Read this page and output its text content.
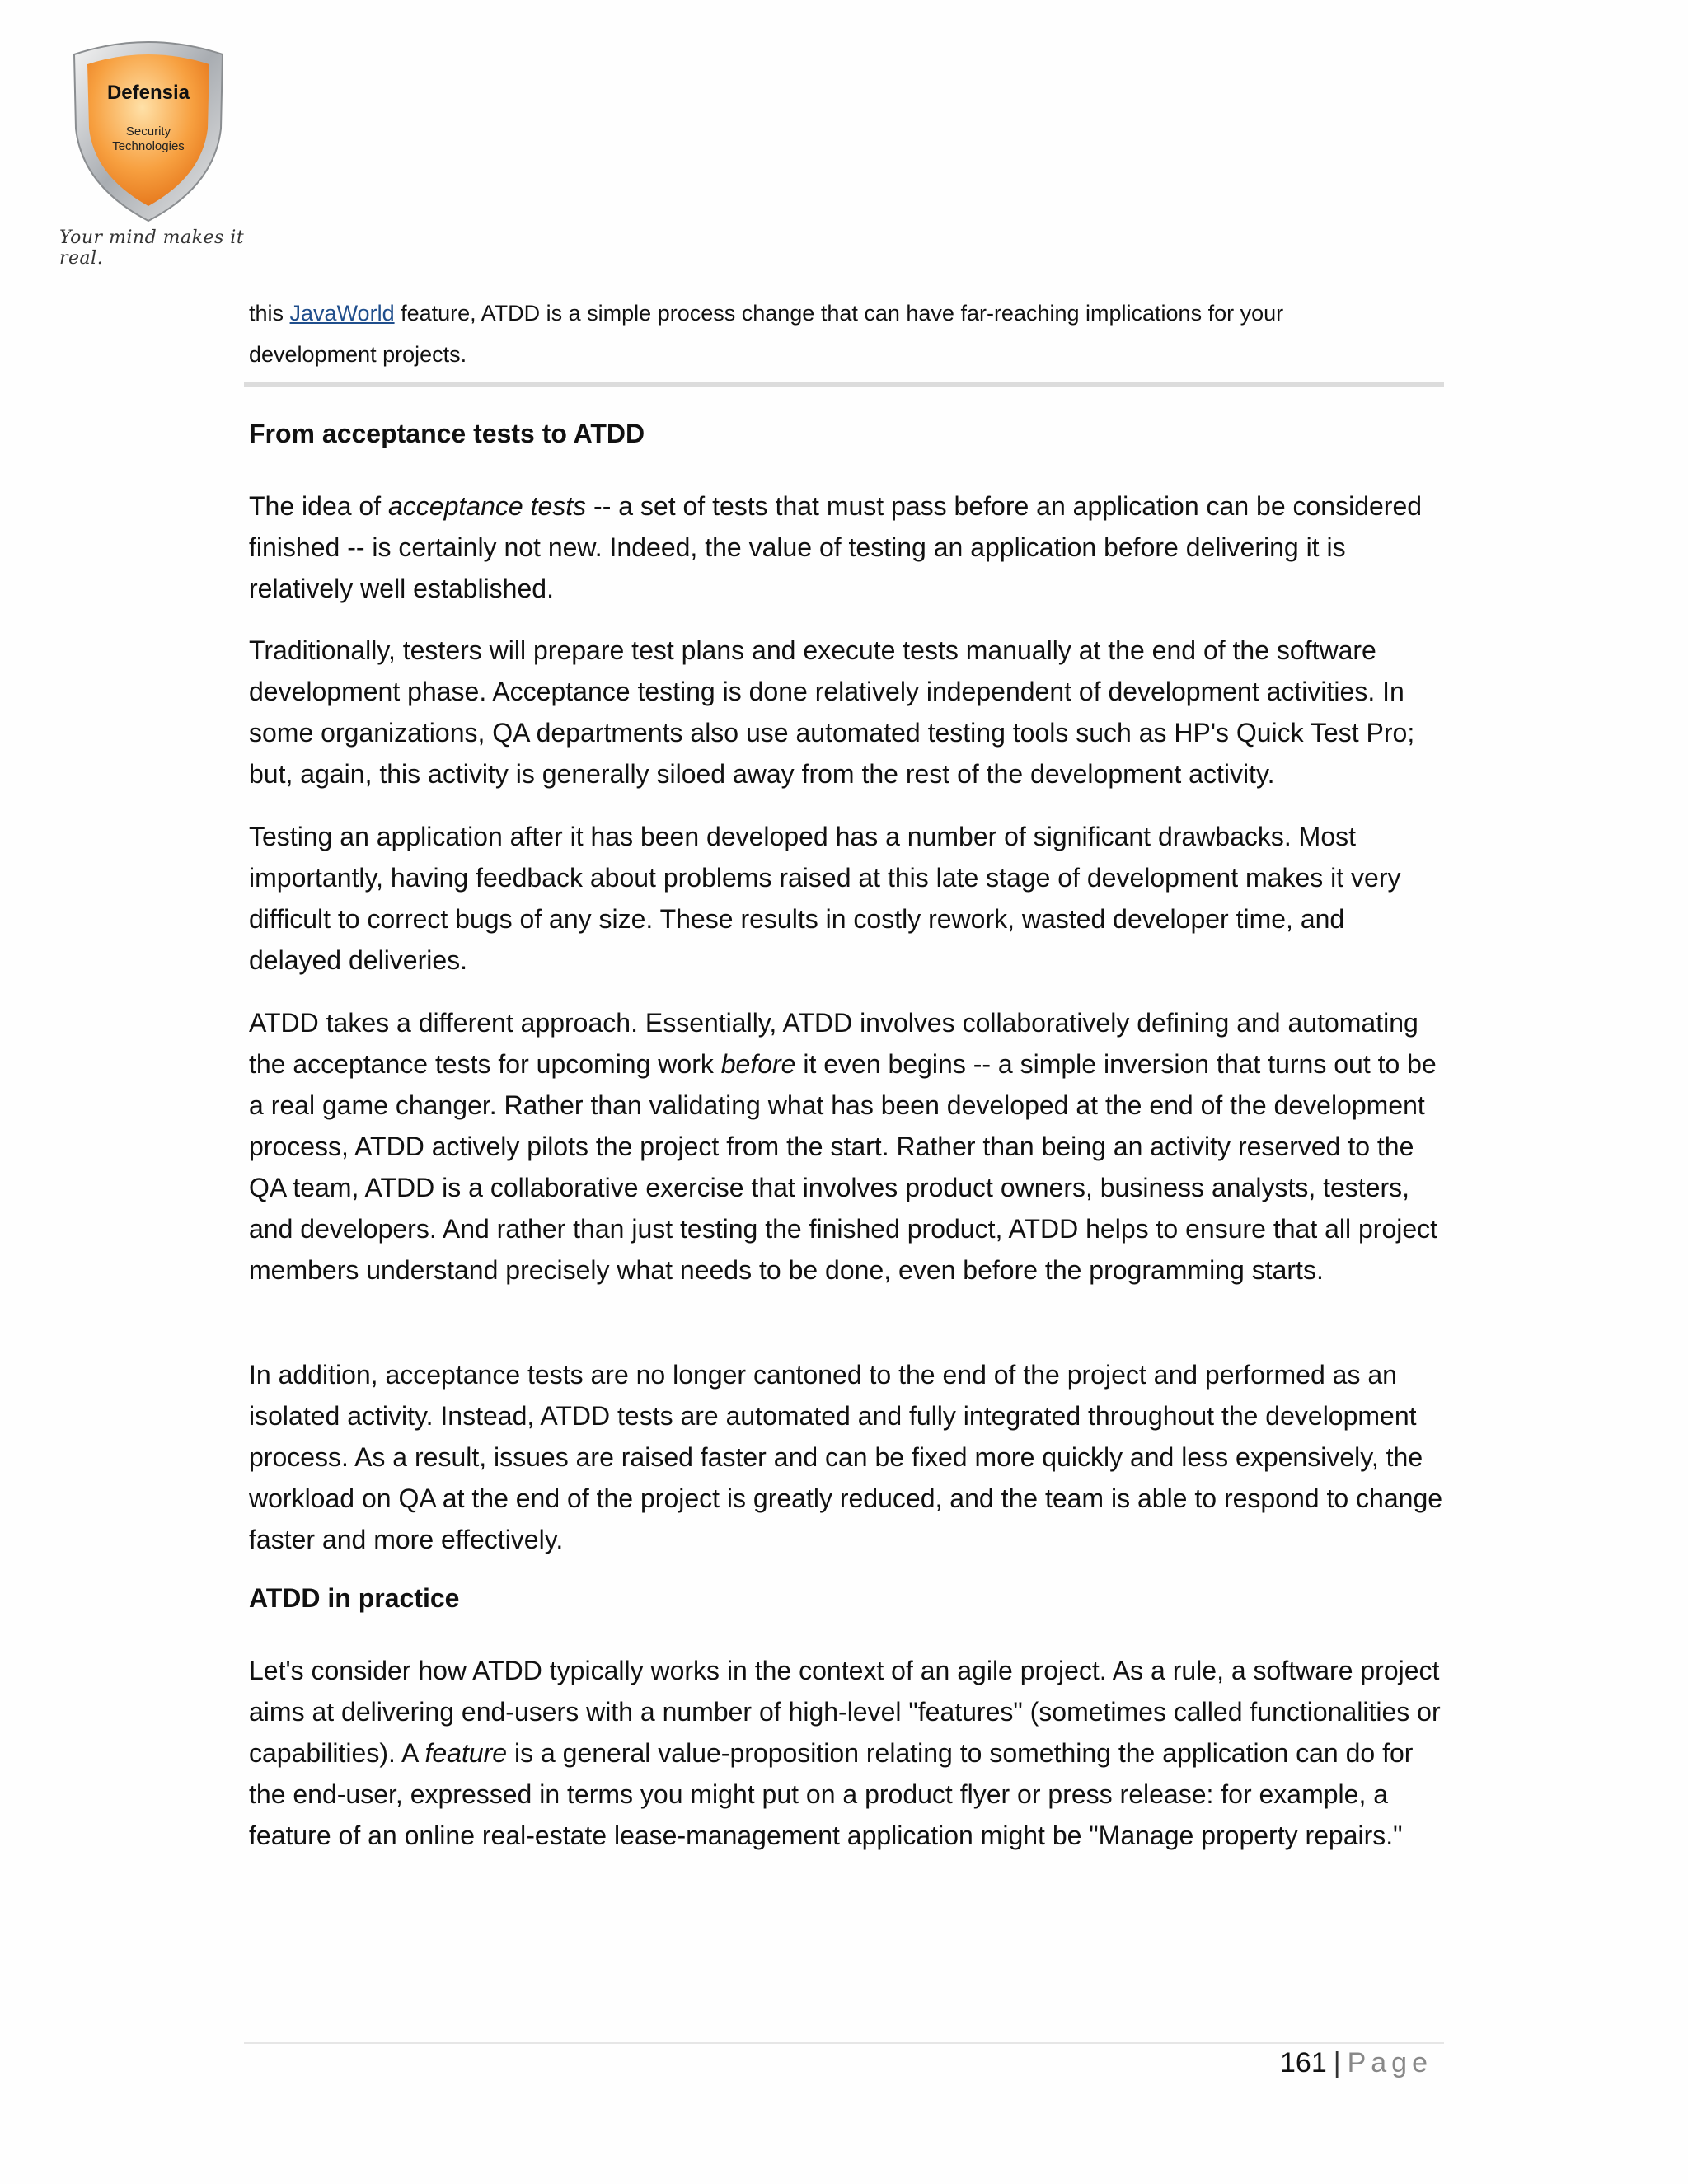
Defensia
Security
Technologies
Your mind makes it real.

this JavaWorld feature, ATDD is a simple process change that can have far-reaching implications for your
development projects.

From acceptance tests to ATDD

The idea of acceptance tests -- a set of tests that must pass before an application can be considered finished -- is certainly not new. Indeed, the value of testing an application before delivering it is relatively well established.

Traditionally, testers will prepare test plans and execute tests manually at the end of the software development phase. Acceptance testing is done relatively independent of development activities. In some organizations, QA departments also use automated testing tools such as HP's Quick Test Pro; but, again, this activity is generally siloed away from the rest of the development activity.

Testing an application after it has been developed has a number of significant drawbacks. Most importantly, having feedback about problems raised at this late stage of development makes it very difficult to correct bugs of any size. These results in costly rework, wasted developer time, and delayed deliveries.

ATDD takes a different approach. Essentially, ATDD involves collaboratively defining and automating the acceptance tests for upcoming work before it even begins -- a simple inversion that turns out to be a real game changer. Rather than validating what has been developed at the end of the development process, ATDD actively pilots the project from the start. Rather than being an activity reserved to the QA team, ATDD is a collaborative exercise that involves product owners, business analysts, testers, and developers. And rather than just testing the finished product, ATDD helps to ensure that all project members understand precisely what needs to be done, even before the programming starts.

In addition, acceptance tests are no longer cantoned to the end of the project and performed as an isolated activity. Instead, ATDD tests are automated and fully integrated throughout the development process. As a result, issues are raised faster and can be fixed more quickly and less expensively, the workload on QA at the end of the project is greatly reduced, and the team is able to respond to change faster and more effectively.

ATDD in practice

Let's consider how ATDD typically works in the context of an agile project. As a rule, a software project aims at delivering end-users with a number of high-level "features" (sometimes called functionalities or capabilities). A feature is a general value-proposition relating to something the application can do for the end-user, expressed in terms you might put on a product flyer or press release: for example, a feature of an online real-estate lease-management application might be "Manage property repairs."

161 | Page
